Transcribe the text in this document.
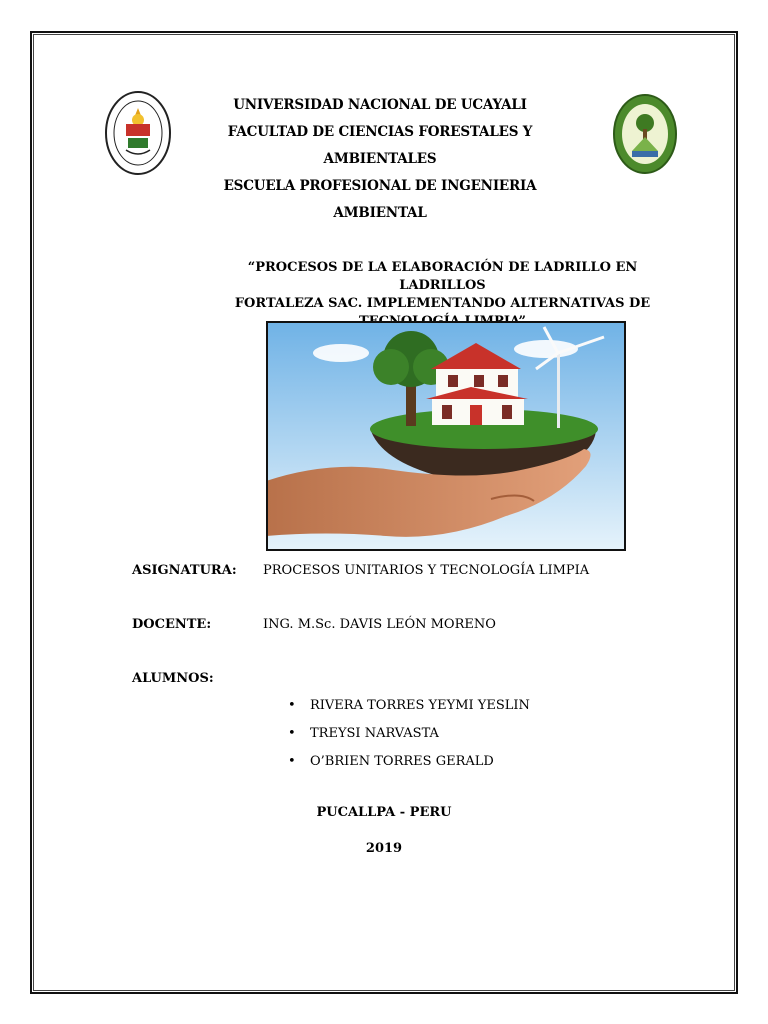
UNIVERSIDAD NACIONAL DE UCAYALI
FACULTAD DE CIENCIAS FORESTALES Y AMBIENTALES
ESCUELA PROFESIONAL DE INGENIERIA AMBIENTAL
“PROCESOS DE LA ELABORACIÓN DE LADRILLO EN LADRILLOS
FORTALEZA SAC. IMPLEMENTANDO ALTERNATIVAS DE
ASIGNATURA: PROCESOS UNITARIOS Y TECNOLOGÍA LIMPIA
DOCENTE:	ING. M.Sc. DAVIS LEÓN MORENO
ALUMNOS:
• RIVERA TORRES YEYMI YESLIN
• TREYSI NARVASTA
• O’BRIEN TORRES GERALD
PUCALLPA - PERU
2019
